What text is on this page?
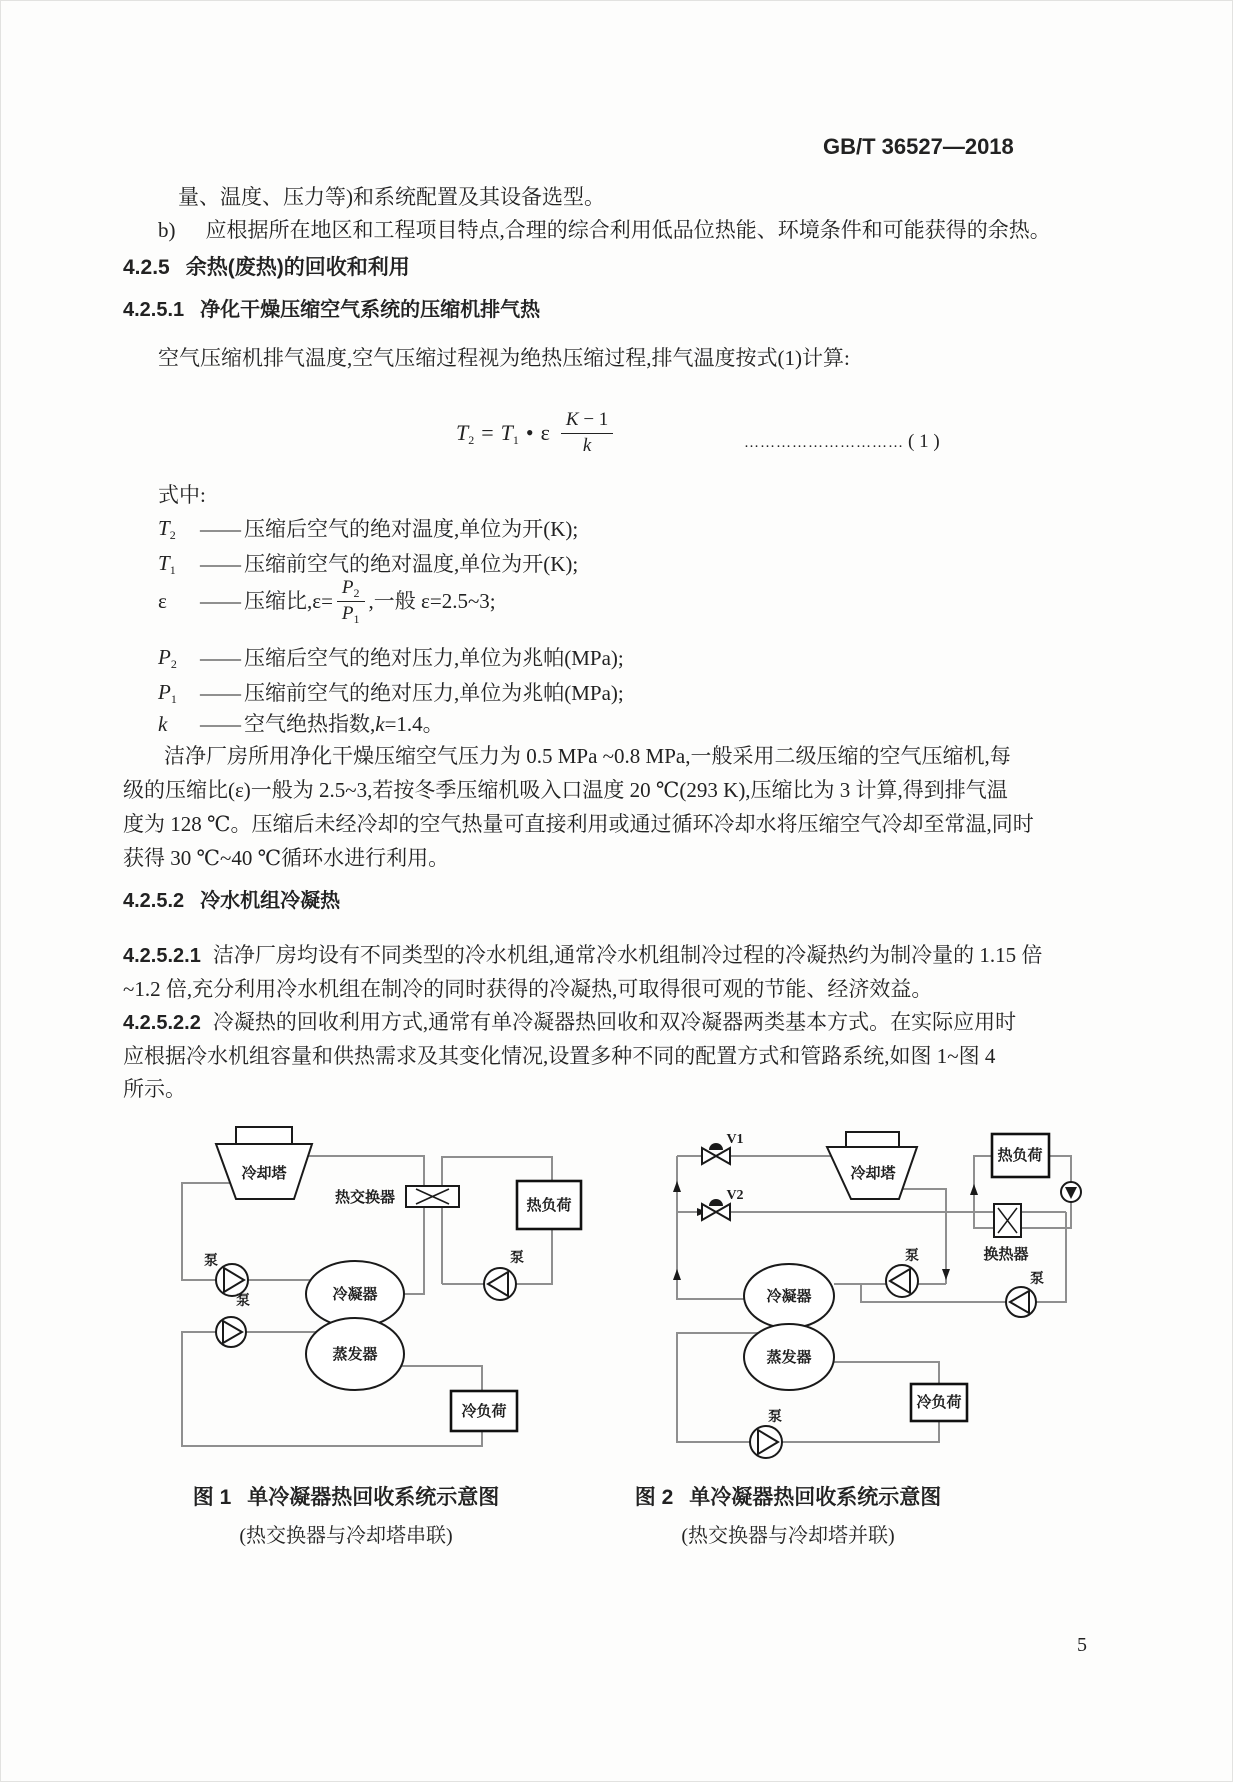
GB/T 36527—2018
量、温度、压力等)和系统配置及其设备选型。
b) 应根据所在地区和工程项目特点,合理的综合利用低品位热能、环境条件和可能获得的余热。
4.2.5 余热(废热)的回收和利用
4.2.5.1 净化干燥压缩空气系统的压缩机排气热
空气压缩机排气温度,空气压缩过程视为绝热压缩过程,排气温度按式(1)计算:
$T_2 = T_1$ • ε $\frac{K - 1}{k}$	………………………… ( 1 )
式中:
$T_2$	—— 压缩后空气的绝对温度,单位为开(K);
$T_1$	—— 压缩前空气的绝对温度,单位为开(K);
ε	—— 压缩比$,\varepsilon= \frac{P_2}{P_1}$ ,一般 ε=2.5~3;
$P_2$	—— 压缩后空气的绝对压力,单位为兆帕(MPa);
$P_1$	—— 压缩前空气的绝对压力,单位为兆帕(MPa);
k	—— 空气绝热指数, k =1.4。
洁净厂房所用净化干燥压缩空气压力为 0.5 MPa ~0.8 MPa,一般采用二级压缩的空气压缩机,每
级的压缩比(ε)一般为 2.5~3,若按冬季压缩机吸入口温度 20 ℃(293 K),压缩比为 3 计算,得到排气温
度为 128 ℃。压缩后未经冷却的空气热量可直接利用或通过循环冷却水将压缩空气冷却至常温,同时
获得 30 ℃~40 ℃循环水进行利用。
4.2.5.2 冷水机组冷凝热
4.2.5.2.1 洁净厂房均设有不同类型的冷水机组,通常冷水机组制冷过程的冷凝热约为制冷量的 1.15 倍
~1.2 倍,充分利用冷水机组在制冷的同时获得的冷凝热,可取得很可观的节能、经济效益。
4.2.5.2.2 冷凝热的回收利用方式,通常有单冷凝器热回收和双冷凝器两类基本方式。在实际应用时
应根据冷水机组容量和供热需求及其变化情况,设置多种不同的配置方式和管路系统,如图 1~图 4
所示。
冷却塔
热交换器	热负荷
泵
泵
泵
冷凝器
蒸发器
冷负荷
V1
V2
冷却塔
热负荷
换热器
泵
泵
泵
冷凝器
蒸发器
冷负荷
图 1 单冷凝器热回收系统示意图
(热交换器与冷却塔串联)
图 2 单冷凝器热回收系统示意图
(热交换器与冷却塔并联)
5
